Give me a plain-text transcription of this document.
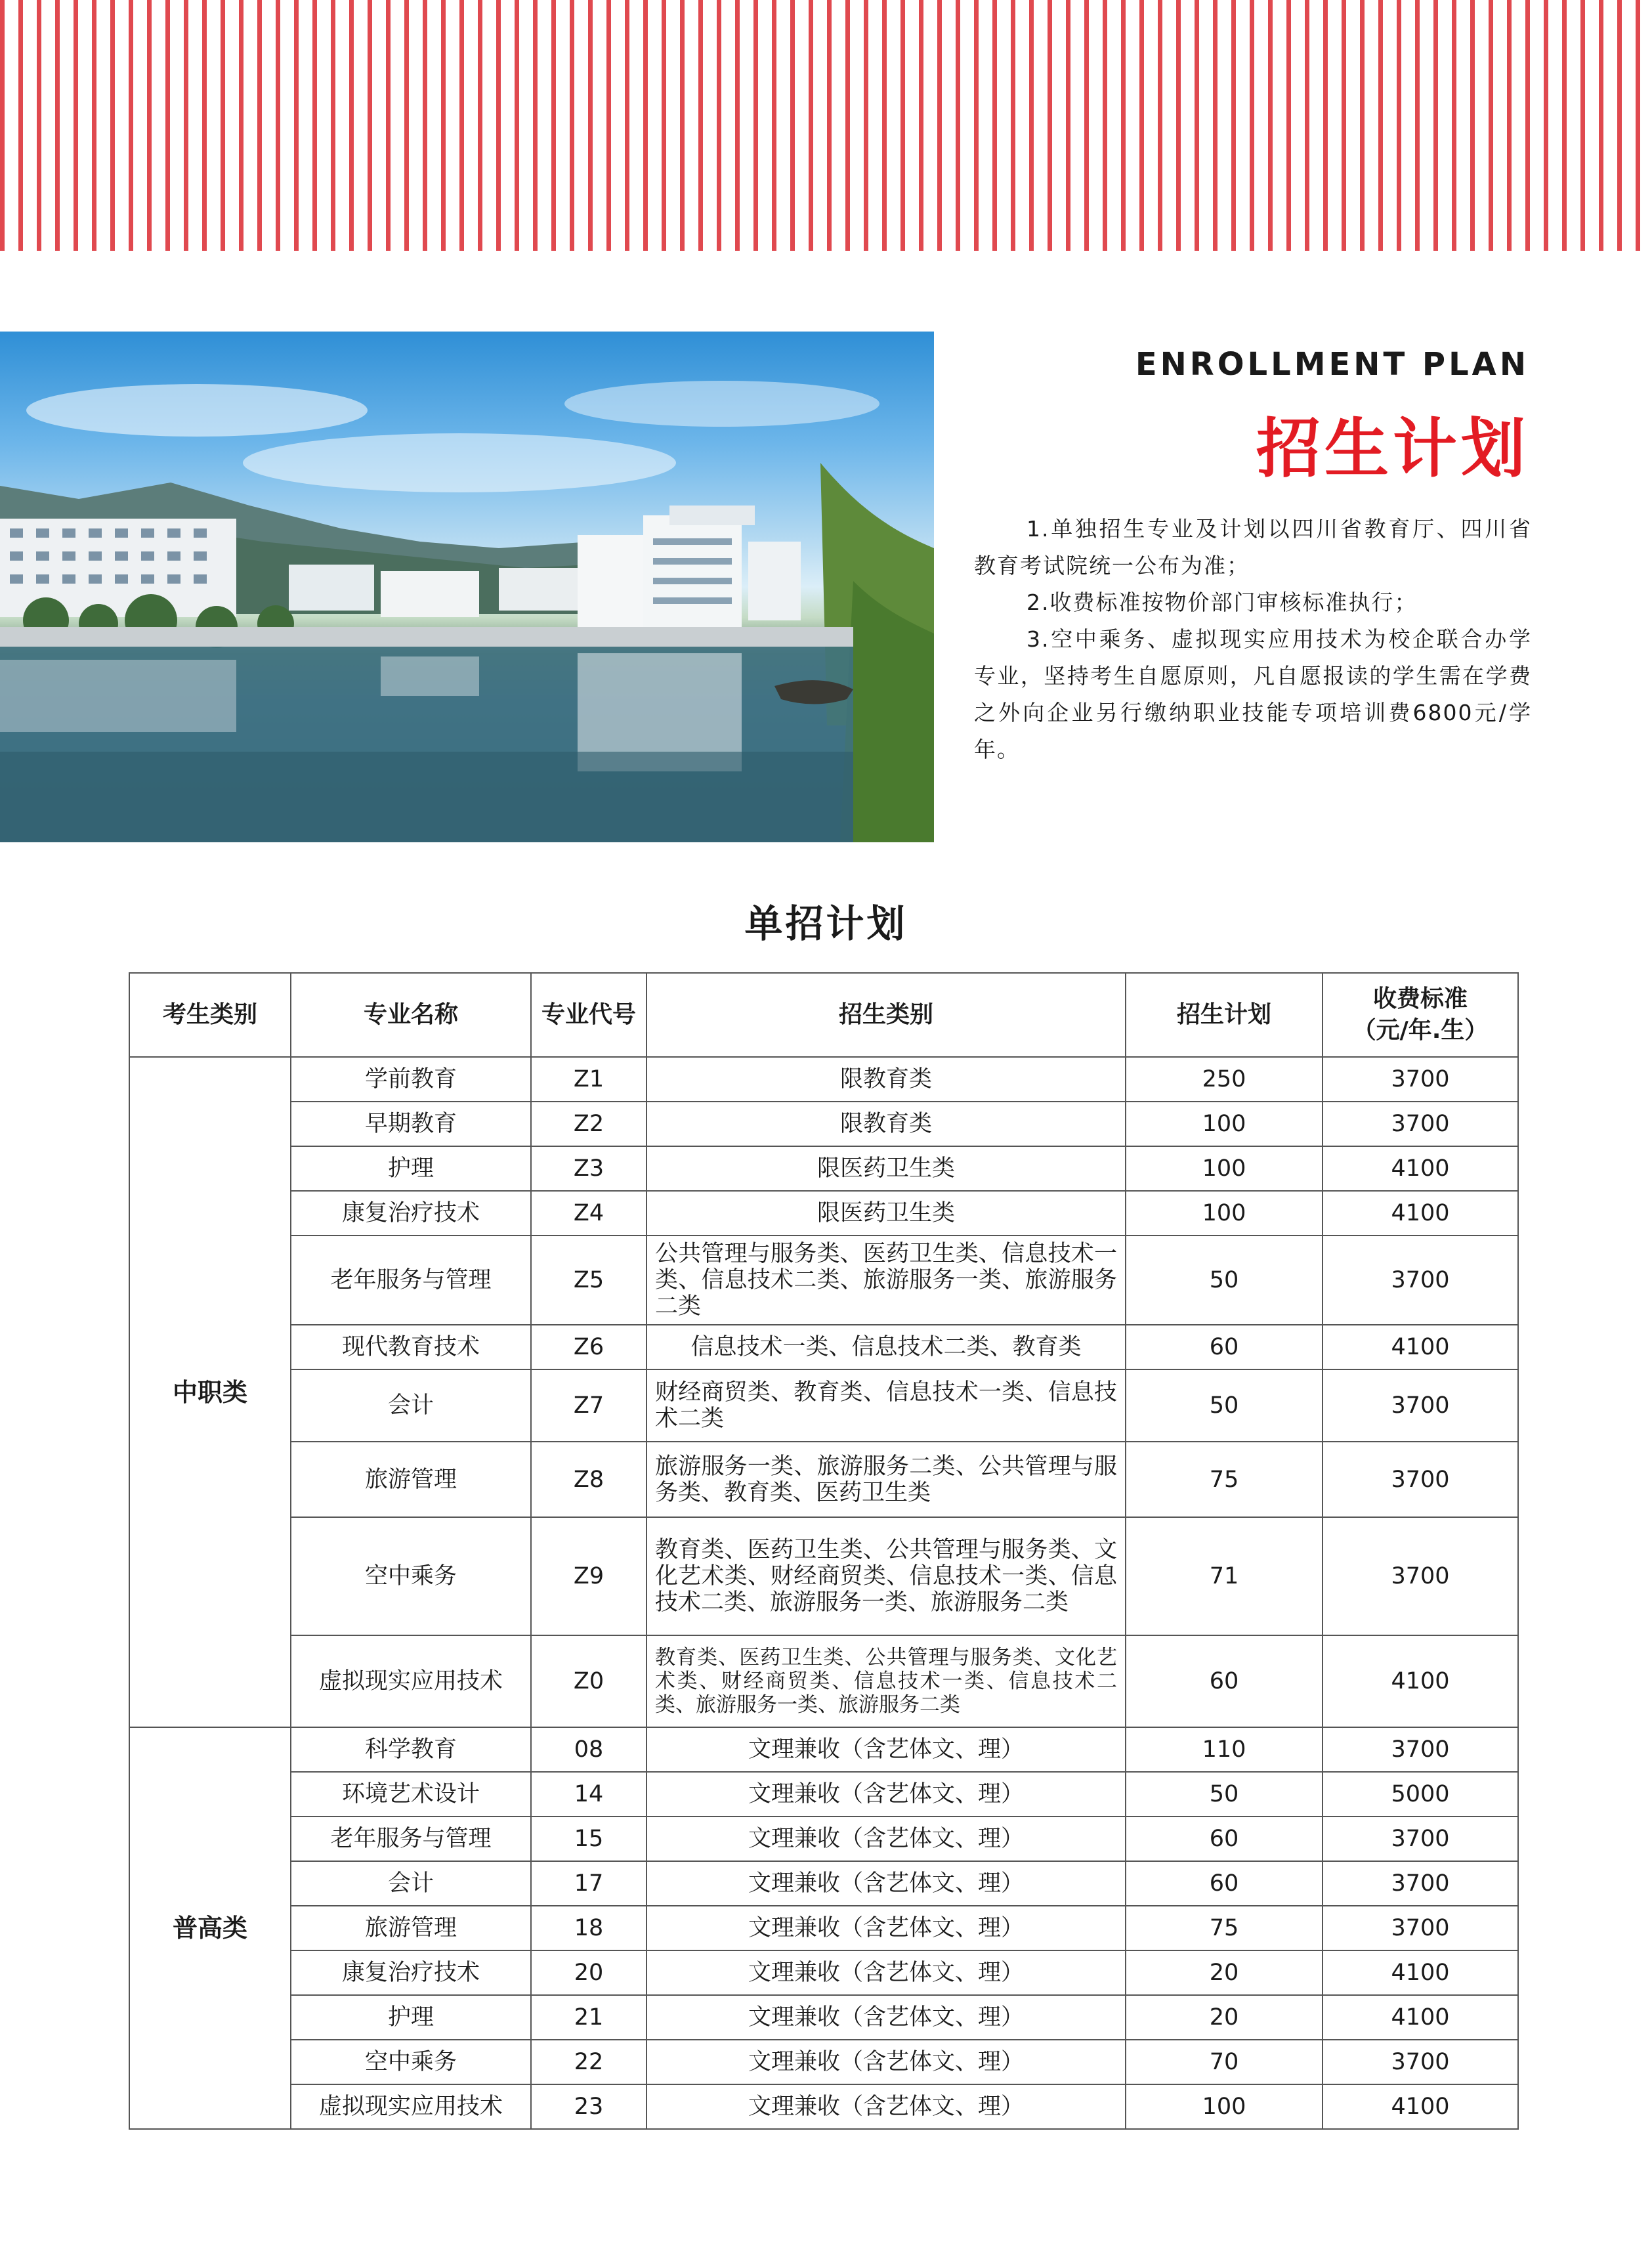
ENROLLMENT PLAN
招生计划

1.单独招生专业及计划以四川省教育厅、四川省教育考试院统一公布为准；

2.收费标准按物价部门审核标准执行；

3.空中乘务、虚拟现实应用技术为校企联合办学专业，坚持考生自愿原则，凡自愿报读的学生需在学费之外向企业另行缴纳职业技能专项培训费6800元/学年。

单招计划
考生类别	专业名称	专业代号	招生类别	招生计划	收费标准
（元/年.生）

中职类	学前教育	Z1	限教育类	250	3700
	早期教育	Z2	限教育类	100	3700
	护理	Z3	限医药卫生类	100	4100
	康复治疗技术	Z4	限医药卫生类	100	4100
	老年服务与管理	Z5	公共管理与服务类、医药卫生类、信息技术一类、信息技术二类、旅游服务一类、旅游服务二类	50	3700
	现代教育技术	Z6	信息技术一类、信息技术二类、教育类	60	4100
	会计	Z7	财经商贸类、教育类、信息技术一类、信息技术二类	50	3700
	旅游管理	Z8	旅游服务一类、旅游服务二类、公共管理与服务类、教育类、医药卫生类	75	3700
	空中乘务	Z9	教育类、医药卫生类、公共管理与服务类、文化艺术类、财经商贸类、信息技术一类、信息技术二类、旅游服务一类、旅游服务二类	71	3700
	虚拟现实应用技术	Z0	教育类、医药卫生类、公共管理与服务类、文化艺术类、财经商贸类、信息技术一类、信息技术二类、旅游服务一类、旅游服务二类	60	4100
普高类	科学教育	08	文理兼收（含艺体文、理）	110	3700
	环境艺术设计	14	文理兼收（含艺体文、理）	50	5000
	老年服务与管理	15	文理兼收（含艺体文、理）	60	3700
	会计	17	文理兼收（含艺体文、理）	60	3700
	旅游管理	18	文理兼收（含艺体文、理）	75	3700
	康复治疗技术	20	文理兼收（含艺体文、理）	20	4100
	护理	21	文理兼收（含艺体文、理）	20	4100
	空中乘务	22	文理兼收（含艺体文、理）	70	3700
	虚拟现实应用技术	23	文理兼收（含艺体文、理）	100	4100
